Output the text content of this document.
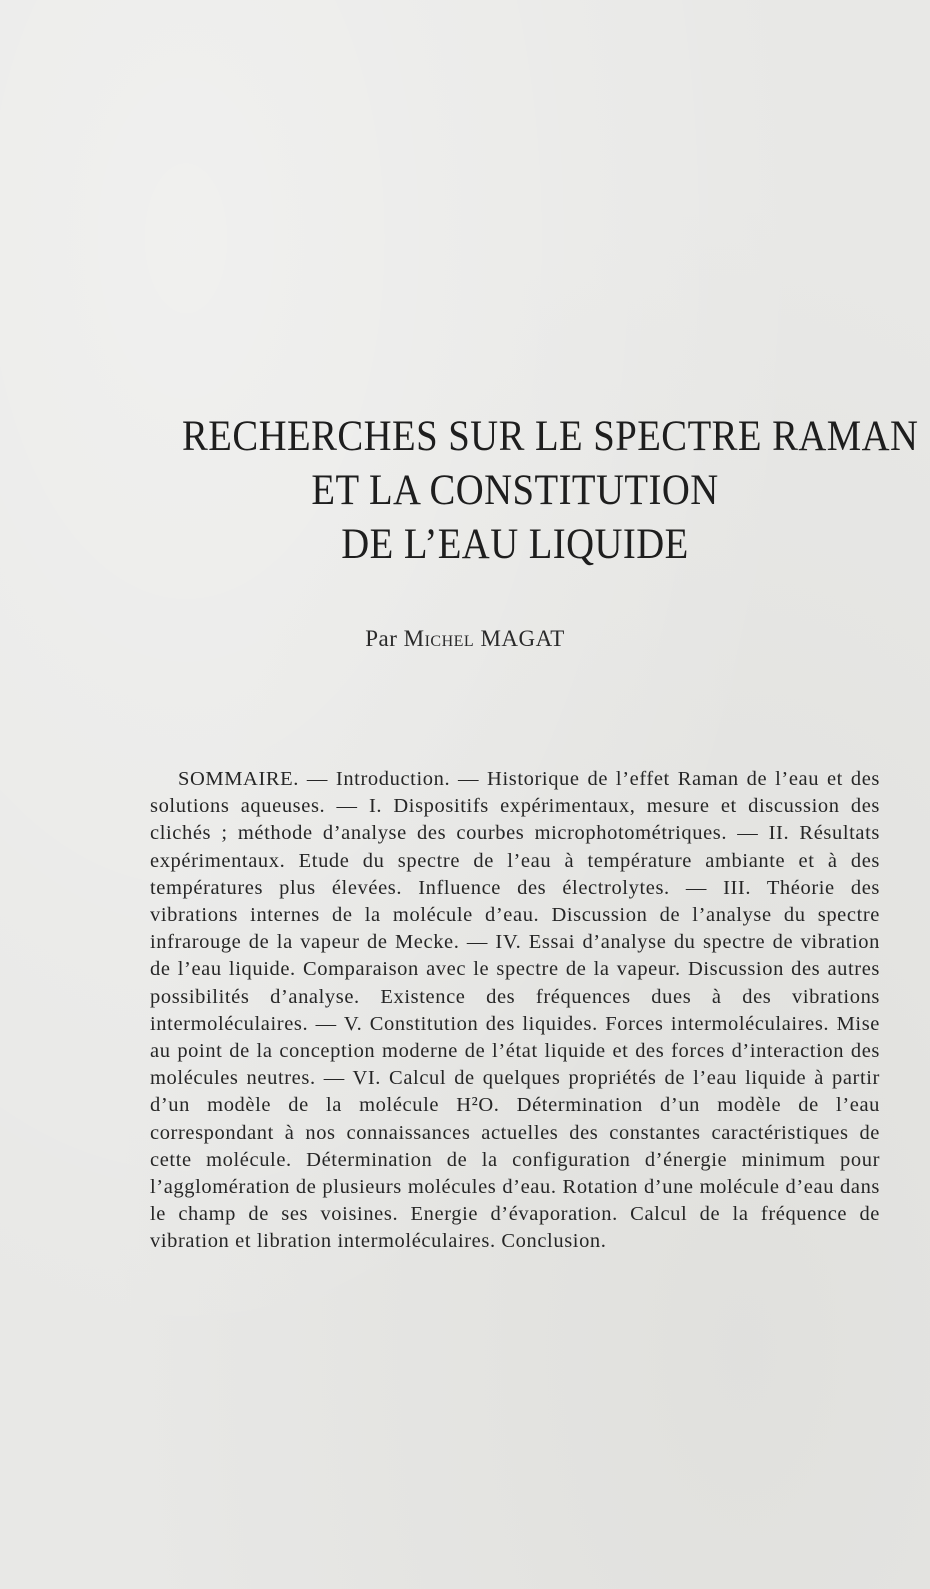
RECHERCHES SUR LE SPECTRE RAMAN
ET LA CONSTITUTION
DE L’EAU LIQUIDE
Par Michel MAGAT
SOMMAIRE. — Introduction. — Historique de l’effet Raman de l’eau et des solutions aqueuses. — I. Dispositifs expérimentaux, mesure et discussion des clichés ; méthode d’analyse des courbes microphotométriques. — II. Résultats expérimentaux. Etude du spectre de l’eau à température ambiante et à des températures plus élevées. Influence des électrolytes. — III. Théorie des vibrations internes de la molécule d’eau. Discussion de l’analyse du spectre infrarouge de la vapeur de Mecke. — IV. Essai d’analyse du spectre de vibration de l’eau liquide. Comparaison avec le spectre de la vapeur. Discussion des autres possibilités d’analyse. Existence des fréquences dues à des vibrations intermoléculaires. — V. Constitution des liquides. Forces intermoléculaires. Mise au point de la conception moderne de l’état liquide et des forces d’interaction des molécules neutres. — VI. Calcul de quelques propriétés de l’eau liquide à partir d’un modèle de la molécule H²O. Détermination d’un modèle de l’eau correspondant à nos connaissances actuelles des constantes caractéristiques de cette molécule. Détermination de la configuration d’énergie minimum pour l’agglomération de plusieurs molécules d’eau. Rotation d’une molécule d’eau dans le champ de ses voisines. Energie d’évaporation. Calcul de la fréquence de vibration et libration intermoléculaires. Conclusion.
